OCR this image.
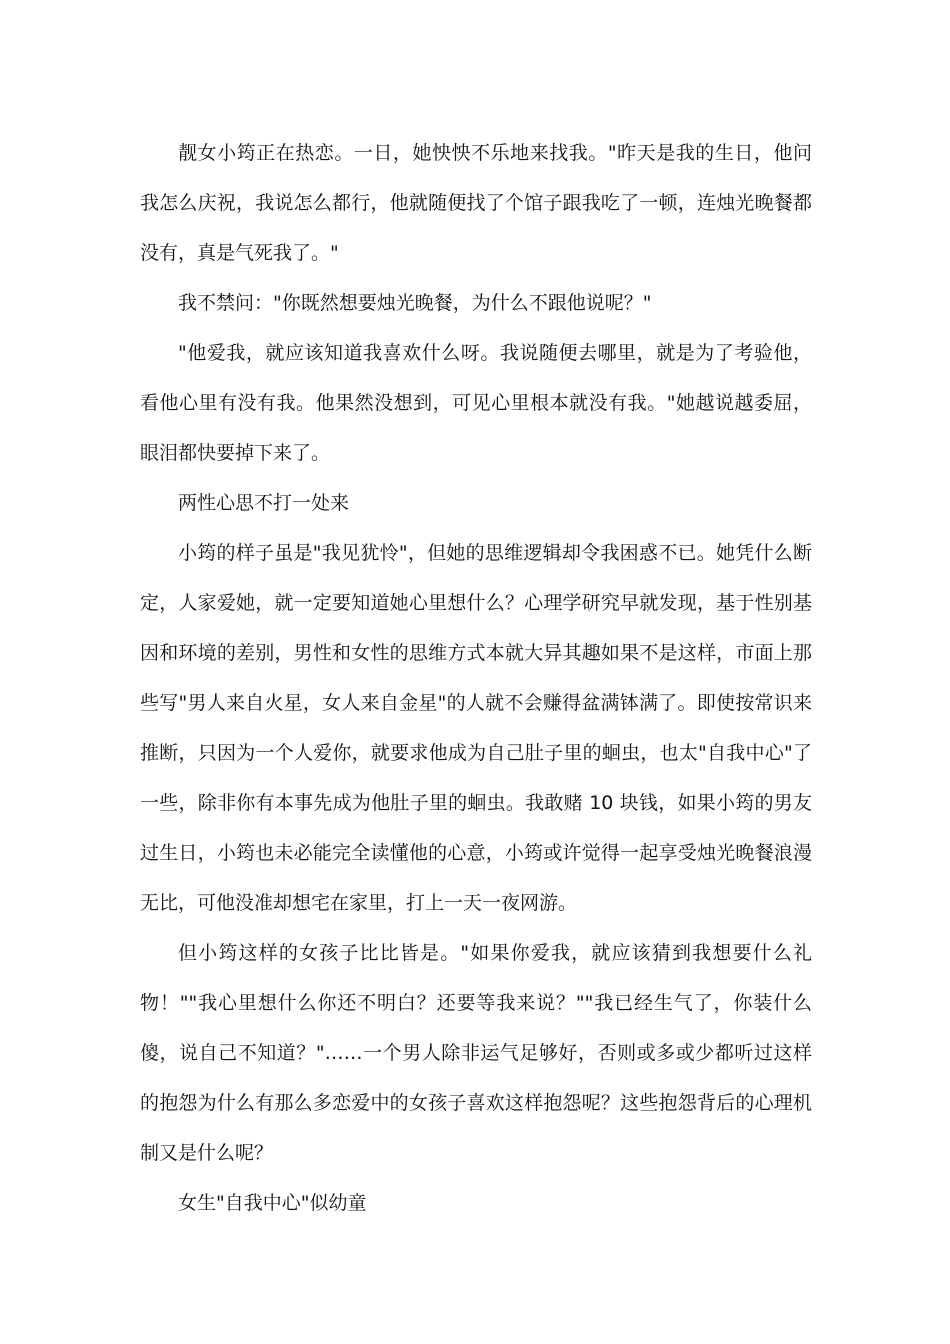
靓女小筠正在热恋。一日，她怏怏不乐地来找我。"昨天是我的生日，他问我怎么庆祝，我说怎么都行，他就随便找了个馆子跟我吃了一顿，连烛光晚餐都没有，真是气死我了。"

我不禁问："你既然想要烛光晚餐，为什么不跟他说呢？"

"他爱我，就应该知道我喜欢什么呀。我说随便去哪里，就是为了考验他，看他心里有没有我。他果然没想到，可见心里根本就没有我。"她越说越委屈，眼泪都快要掉下来了。

两性心思不打一处来

小筠的样子虽是"我见犹怜"，但她的思维逻辑却令我困惑不已。她凭什么断定，人家爱她，就一定要知道她心里想什么？心理学研究早就发现，基于性别基因和环境的差别，男性和女性的思维方式本就大异其趣如果不是这样，市面上那些写"男人来自火星，女人来自金星"的人就不会赚得盆满钵满了。即使按常识来推断，只因为一个人爱你，就要求他成为自己肚子里的蛔虫，也太"自我中心"了一些，除非你有本事先成为他肚子里的蛔虫。我敢赌 10 块钱，如果小筠的男友过生日，小筠也未必能完全读懂他的心意，小筠或许觉得一起享受烛光晚餐浪漫无比，可他没准却想宅在家里，打上一天一夜网游。

但小筠这样的女孩子比比皆是。"如果你爱我，就应该猜到我想要什么礼物！""我心里想什么你还不明白？还要等我来说？""我已经生气了，你装什么傻，说自己不知道？"……一个男人除非运气足够好，否则或多或少都听过这样的抱怨为什么有那么多恋爱中的女孩子喜欢这样抱怨呢？这些抱怨背后的心理机制又是什么呢？

女生"自我中心"似幼童
